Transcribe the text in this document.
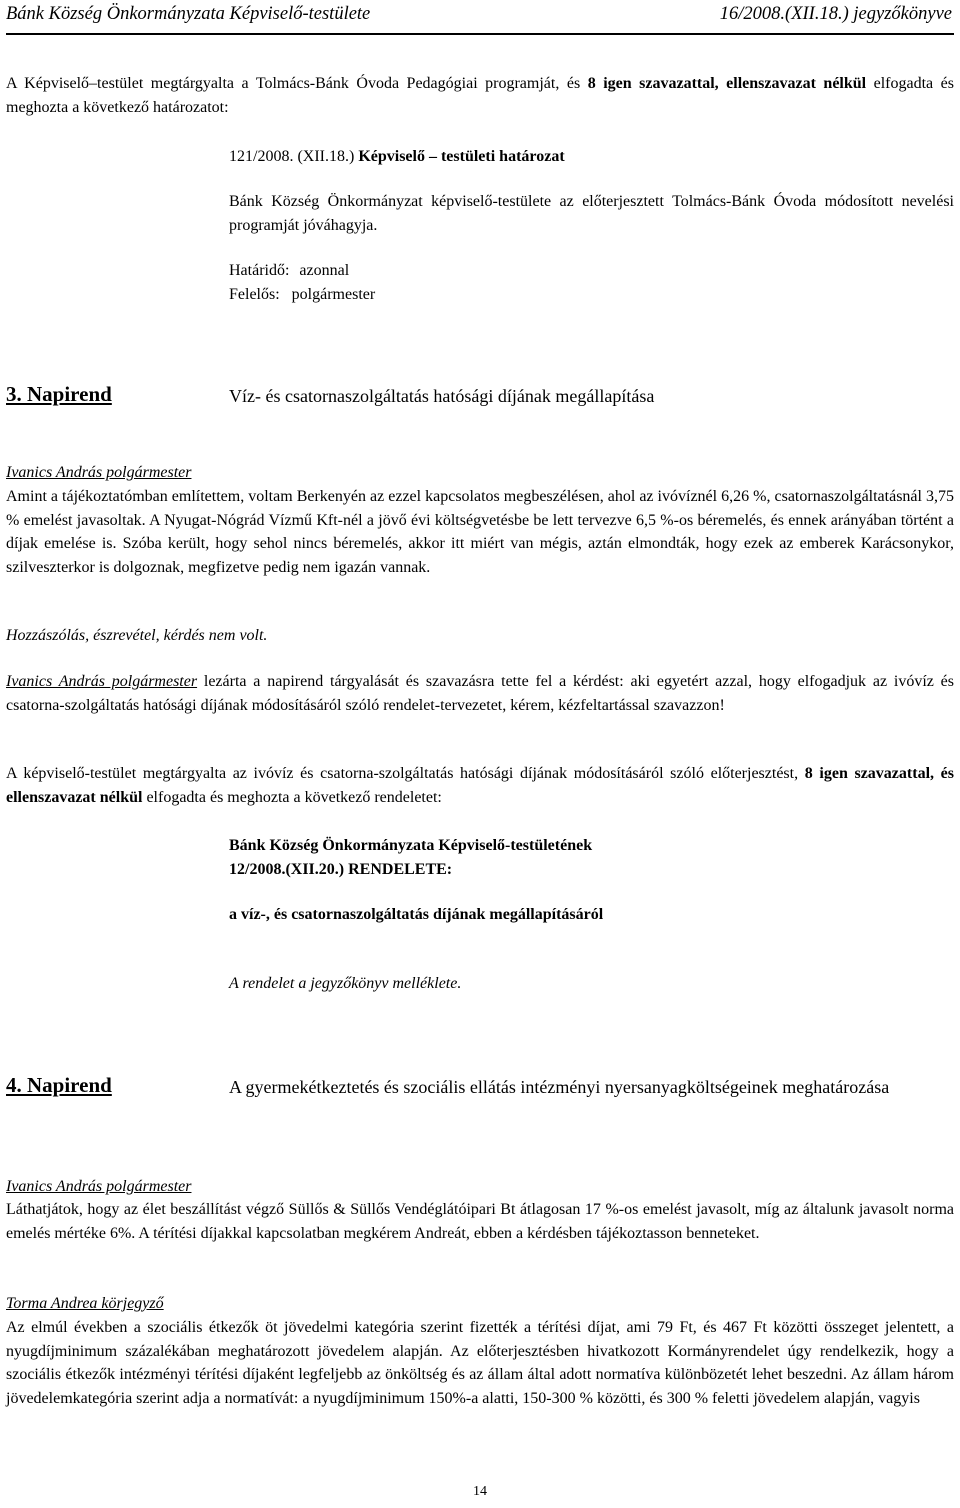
Bánk Község Önkormányzata Képviselő-testülete	16/2008.(XII.18.) jegyzőkönyve

A Képviselő–testület megtárgyalta a Tolmács-Bánk Óvoda Pedagógiai programját, és 8 igen szavazattal, ellenszavazat nélkül elfogadta és meghozta a következő határozatot:

121/2008. (XII.18.) Képviselő – testületi határozat

Bánk Község Önkormányzat képviselő-testülete az előterjesztett Tolmács-Bánk Óvoda módosított nevelési programját jóváhagyja.

Határidő: azonnal
Felelős: polgármester
3. Napirend	Víz- és csatornaszolgáltatás hatósági díjának megállapítása
Ivanics András polgármester

Amint a tájékoztatómban említettem, voltam Berkenyén az ezzel kapcsolatos megbeszélésen, ahol az ivóvíznél 6,26 %, csatornaszolgáltatásnál 3,75 % emelést javasoltak. A Nyugat-Nógrád Vízmű Kft-nél a jövő évi költségvetésbe be lett tervezve 6,5 %-os béremelés, és ennek arányában történt a díjak emelése is. Szóba került, hogy sehol nincs béremelés, akkor itt miért van mégis, aztán elmondták, hogy ezek az emberek Karácsonykor, szilveszterkor is dolgoznak, megfizetve pedig nem igazán vannak.

Hozzászólás, észrevétel, kérdés nem volt.

Ivanics András polgármester lezárta a napirend tárgyalását és szavazásra tette fel a kérdést: aki egyetért azzal, hogy elfogadjuk az ivóvíz és csatorna-szolgáltatás hatósági díjának módosításáról szóló rendelet-tervezetet, kérem, kézfeltartással szavazzon!

A képviselő-testület megtárgyalta az ivóvíz és csatorna-szolgáltatás hatósági díjának módosításáról szóló előterjesztést, 8 igen szavazattal, és ellenszavazat nélkül elfogadta és meghozta a következő rendeletet:

Bánk Község Önkormányzata Képviselő-testületének
12/2008.(XII.20.) RENDELETE:
a víz-, és csatornaszolgáltatás díjának megállapításáról
A rendelet a jegyzőkönyv melléklete.
4. Napirend	A gyermekétkeztetés és szociális ellátás intézményi nyersanyagköltségeinek meghatározása
Ivanics András polgármester

Láthatjátok, hogy az élet beszállítást végző Süllős & Süllős Vendéglátóipari Bt átlagosan 17 %-os emelést javasolt, míg az általunk javasolt norma emelés mértéke 6%. A térítési díjakkal kapcsolatban megkérem Andreát, ebben a kérdésben tájékoztasson benneteket.

Torma Andrea körjegyző

Az elmúl években a szociális étkezők öt jövedelmi kategória szerint fizették a térítési díjat, ami 79 Ft, és 467 Ft közötti összeget jelentett, a nyugdíjminimum százalékában meghatározott jövedelem alapján. Az előterjesztésben hivatkozott Kormányrendelet úgy rendelkezik, hogy a szociális étkezők intézményi térítési díjaként legfeljebb az önköltség és az állam által adott normatíva különbözetét lehet beszedni. Az állam három jövedelemkategória szerint adja a normatívát: a nyugdíjminimum 150%-a alatti, 150-300 % közötti, és 300 % feletti jövedelem alapján, vagyis

14
